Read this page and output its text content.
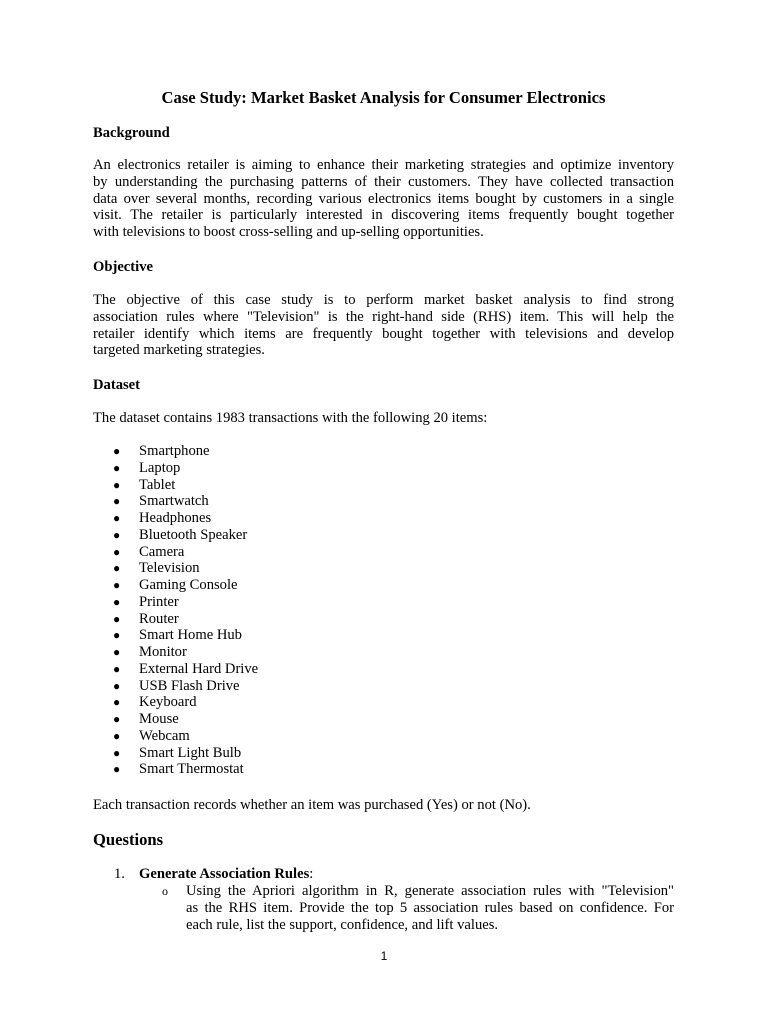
Case Study: Market Basket Analysis for Consumer Electronics
Background

An electronics retailer is aiming to enhance their marketing strategies and optimize inventory
by understanding the purchasing patterns of their customers. They have collected transaction
data over several months, recording various electronics items bought by customers in a single
visit. The retailer is particularly interested in discovering items frequently bought together
with televisions to boost cross-selling and up-selling opportunities.

Objective

The objective of this case study is to perform market basket analysis to find strong
association rules where "Television" is the right-hand side (RHS) item. This will help the
retailer identify which items are frequently bought together with televisions and develop
targeted marketing strategies.

Dataset

The dataset contains 1983 transactions with the following 20 items:

● Smartphone
● Laptop
● Tablet
● Smartwatch
● Headphones
● Bluetooth Speaker
● Camera
● Television
● Gaming Console
● Printer
● Router
● Smart Home Hub
● Monitor
● External Hard Drive
● USB Flash Drive
● Keyboard
● Mouse
● Webcam
● Smart Light Bulb
● Smart Thermostat

Each transaction records whether an item was purchased (Yes) or not (No).

Questions
1. Generate Association Rules:
o Using the Apriori algorithm in R, generate association rules with "Television"
as the RHS item. Provide the top 5 association rules based on confidence. For
each rule, list the support, confidence, and lift values.
1
